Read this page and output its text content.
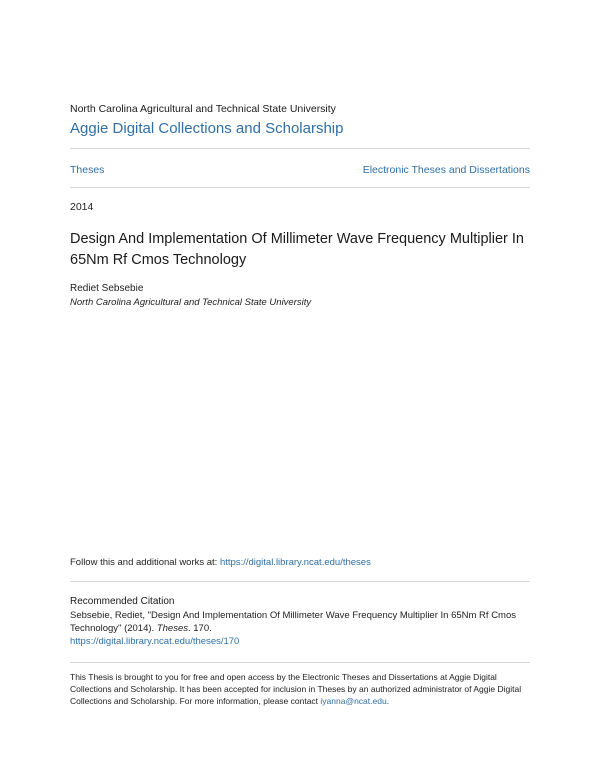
North Carolina Agricultural and Technical State University
Aggie Digital Collections and Scholarship
Theses	Electronic Theses and Dissertations
2014
Design And Implementation Of Millimeter Wave Frequency Multiplier In 65Nm Rf Cmos Technology
Rediet Sebsebie
North Carolina Agricultural and Technical State University
Follow this and additional works at: https://digital.library.ncat.edu/theses
Recommended Citation
Sebsebie, Rediet, "Design And Implementation Of Millimeter Wave Frequency Multiplier In 65Nm Rf Cmos Technology" (2014). Theses. 170.
https://digital.library.ncat.edu/theses/170
This Thesis is brought to you for free and open access by the Electronic Theses and Dissertations at Aggie Digital Collections and Scholarship. It has been accepted for inclusion in Theses by an authorized administrator of Aggie Digital Collections and Scholarship. For more information, please contact iyanna@ncat.edu.
